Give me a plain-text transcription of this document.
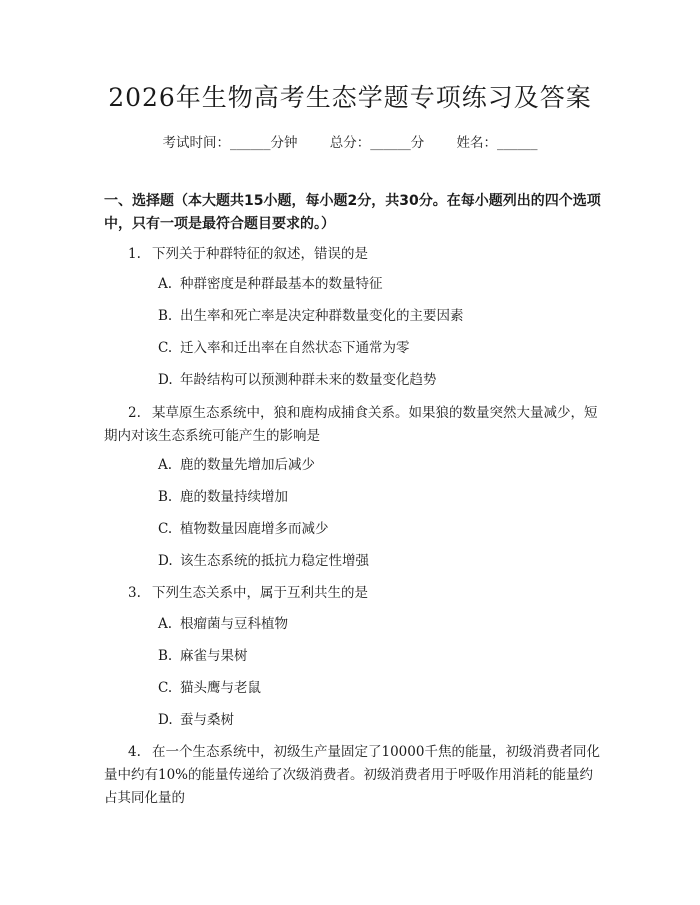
2026年生物高考生态学题专项练习及答案
考试时间：______分钟 总分：______分 姓名：______
一、选择题（本大题共15小题，每小题2分，共30分。在每小题列出的四个选项中，只有一项是最符合题目要求的。）
1. 下列关于种群特征的叙述，错误的是
A. 种群密度是种群最基本的数量特征
B. 出生率和死亡率是决定种群数量变化的主要因素
C. 迁入率和迁出率在自然状态下通常为零
D. 年龄结构可以预测种群未来的数量变化趋势
2. 某草原生态系统中，狼和鹿构成捕食关系。如果狼的数量突然大量减少，短期内对该生态系统可能产生的影响是
A. 鹿的数量先增加后减少
B. 鹿的数量持续增加
C. 植物数量因鹿增多而减少
D. 该生态系统的抵抗力稳定性增强
3. 下列生态关系中，属于互利共生的是
A. 根瘤菌与豆科植物
B. 麻雀与果树
C. 猫头鹰与老鼠
D. 蚕与桑树
4. 在一个生态系统中，初级生产量固定了10000千焦的能量，初级消费者同化量中约有10%的能量传递给了次级消费者。初级消费者用于呼吸作用消耗的能量约占其同化量的
